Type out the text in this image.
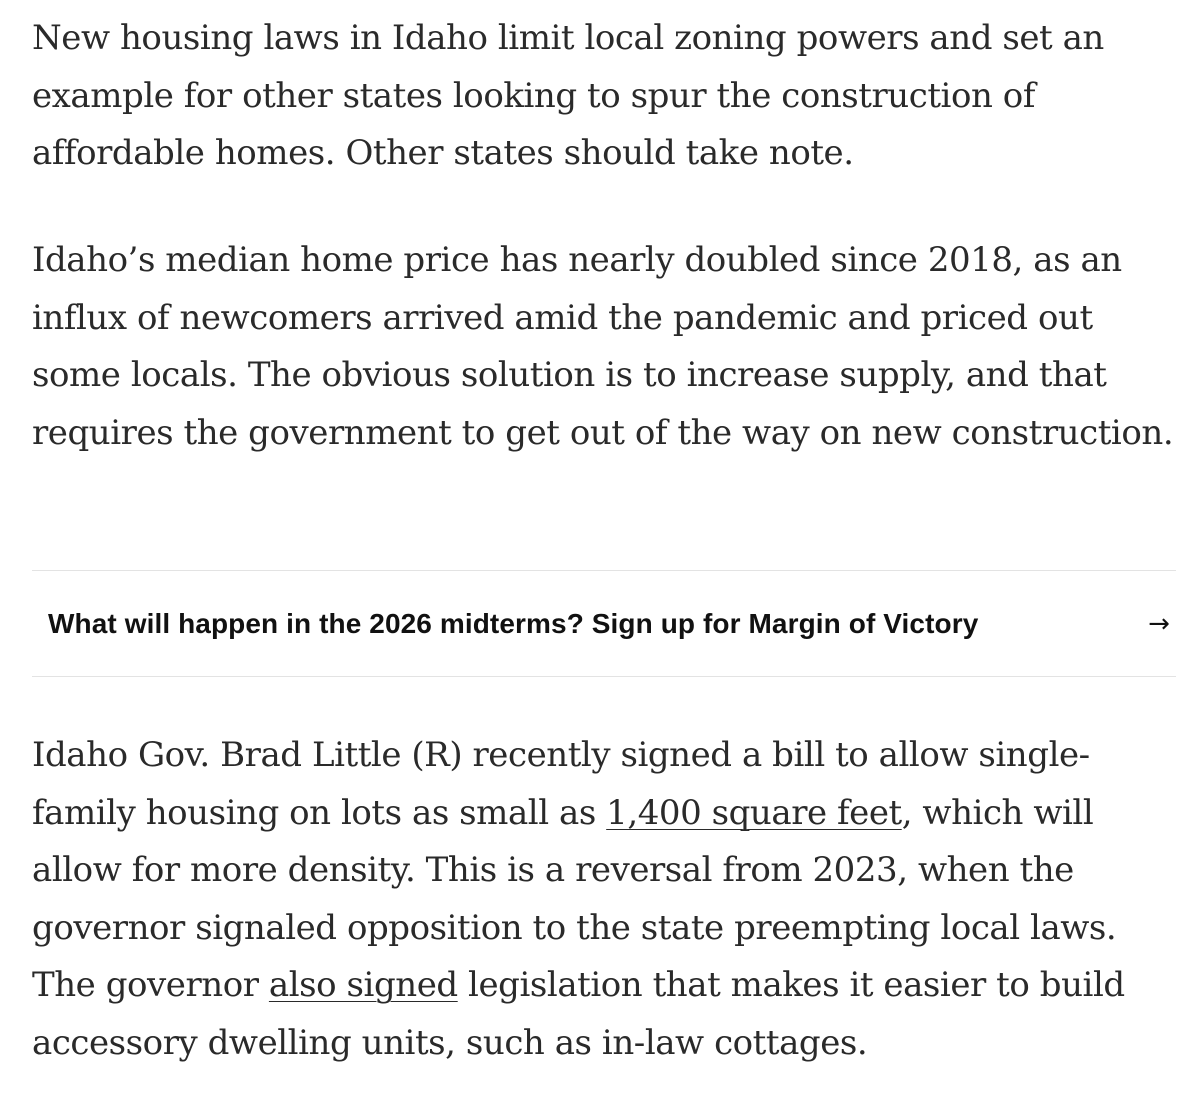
New housing laws in Idaho limit local zoning powers and set an example for other states looking to spur the construction of affordable homes. Other states should take note.

Idaho’s median home price has nearly doubled since 2018, as an influx of newcomers arrived amid the pandemic and priced out some locals. The obvious solution is to increase supply, and that requires the government to get out of the way on new construction.

What will happen in the 2026 midterms? Sign up for Margin of Victory	→

Idaho Gov. Brad Little (R) recently signed a bill to allow single-family housing on lots as small as 1,400 square feet, which will allow for more density. This is a reversal from 2023, when the governor signaled opposition to the state preempting local laws. The governor also signed legislation that makes it easier to build accessory dwelling units, such as in-law cottages.
